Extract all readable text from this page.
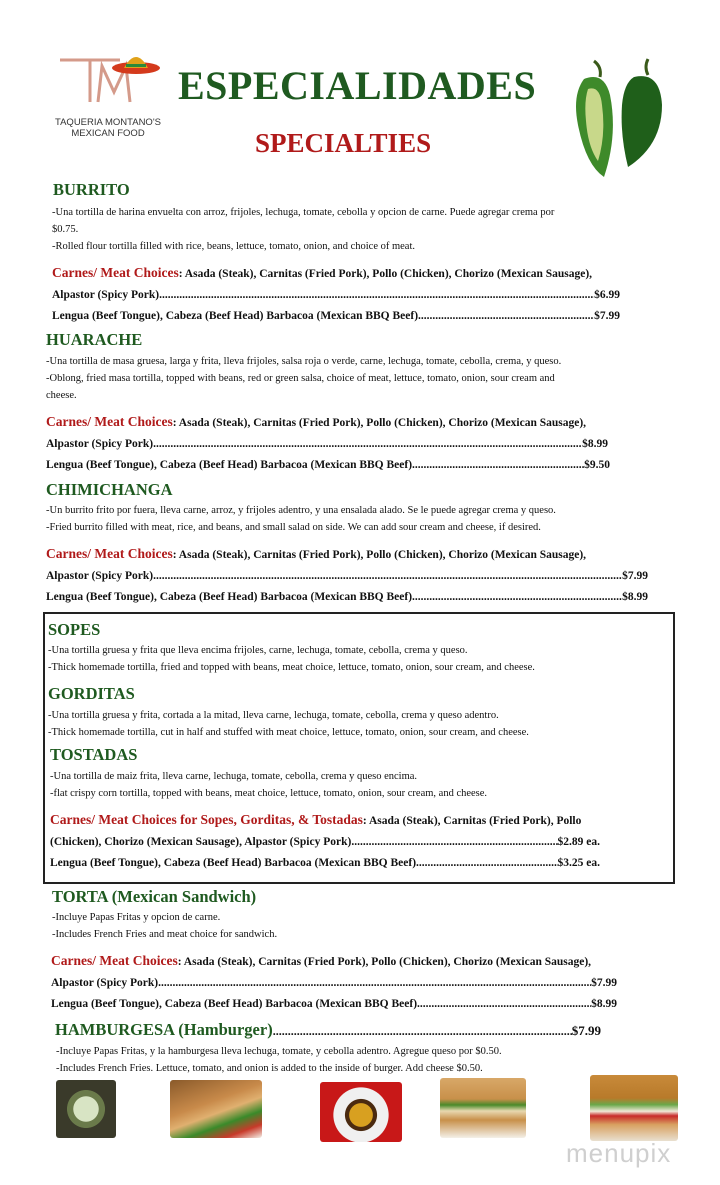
TAQUERIA MONTANO'S
MEXICAN FOOD
ESPECIALIDADES
SPECIALTIES
BURRITO
-Una tortilla de harina envuelta con arroz, frijoles, lechuga, tomate, cebolla y opcion de carne. Puede agregar crema por
$0.75.
-Rolled flour tortilla filled with rice, beans, lettuce, tomato, onion, and choice of meat.
Carnes/ Meat Choices : Asada (Steak), Carnitas (Fried Pork), Pollo (Chicken), Chorizo (Mexican Sausage),
Alpastor (Spicy Pork) .....	$6.99
Lengua (Beef Tongue), Cabeza (Beef Head) Barbacoa (Mexican BBQ Beef) .....	$7.99
HUARACHE
-Una tortilla de masa gruesa, larga y frita, lleva frijoles, salsa roja o verde, carne, lechuga, tomate, cebolla, crema, y queso.
-Oblong, fried masa tortilla, topped with beans, red or green salsa, choice of meat, lettuce, tomato, onion, sour cream and
cheese.
Carnes/ Meat Choices : Asada (Steak), Carnitas (Fried Pork), Pollo (Chicken), Chorizo (Mexican Sausage),
Alpastor (Spicy Pork) .....	$8.99
Lengua (Beef Tongue), Cabeza (Beef Head) Barbacoa (Mexican BBQ Beef) .....	$9.50
CHIMICHANGA
-Un burrito frito por fuera, lleva carne, arroz, y frijoles adentro, y una ensalada alado. Se le puede agregar crema y queso.
-Fried burrito filled with meat, rice, and beans, and small salad on side. We can add sour cream and cheese, if desired.
Carnes/ Meat Choices : Asada (Steak), Carnitas (Fried Pork), Pollo (Chicken), Chorizo (Mexican Sausage),
Alpastor (Spicy Pork) .....	$7.99
Lengua (Beef Tongue), Cabeza (Beef Head) Barbacoa (Mexican BBQ Beef) .....	$8.99
SOPES
-Una tortilla gruesa y frita que lleva encima frijoles, carne, lechuga, tomate, cebolla, crema y queso.
-Thick homemade tortilla, fried and topped with beans, meat choice, lettuce, tomato, onion, sour cream, and cheese.
GORDITAS
-Una tortilla gruesa y frita, cortada a la mitad, lleva carne, lechuga, tomate, cebolla, crema y queso adentro.
-Thick homemade tortilla, cut in half and stuffed with meat choice, lettuce, tomato, onion, sour cream, and cheese.
TOSTADAS
-Una tortilla de maiz frita, lleva carne, lechuga, tomate, cebolla, crema y queso encima.
-flat crispy corn tortilla, topped with beans, meat choice, lettuce, tomato, onion, sour cream, and cheese.
Carnes/ Meat Choices for Sopes, Gorditas, & Tostadas : Asada (Steak), Carnitas (Fried Pork), Pollo
(Chicken), Chorizo (Mexican Sausage), Alpastor (Spicy Pork) .....	$2.89 ea.
Lengua (Beef Tongue), Cabeza (Beef Head) Barbacoa (Mexican BBQ Beef) .....	$3.25 ea.
TORTA (Mexican Sandwich)
-Incluye Papas Fritas y opcion de carne.
-Includes French Fries and meat choice for sandwich.
Carnes/ Meat Choices : Asada (Steak), Carnitas (Fried Pork), Pollo (Chicken), Chorizo (Mexican Sausage),
Alpastor (Spicy Pork) .....	$7.99
Lengua (Beef Tongue), Cabeza (Beef Head) Barbacoa (Mexican BBQ Beef) .....	$8.99
HAMBURGESA (Hamburger) .....	$7.99
-Incluye Papas Fritas, y la hamburgesa lleva lechuga, tomate, y cebolla adentro. Agregue queso por $0.50.
-Includes French Fries. Lettuce, tomato, and onion is added to the inside of burger. Add cheese $0.50.
menupix
